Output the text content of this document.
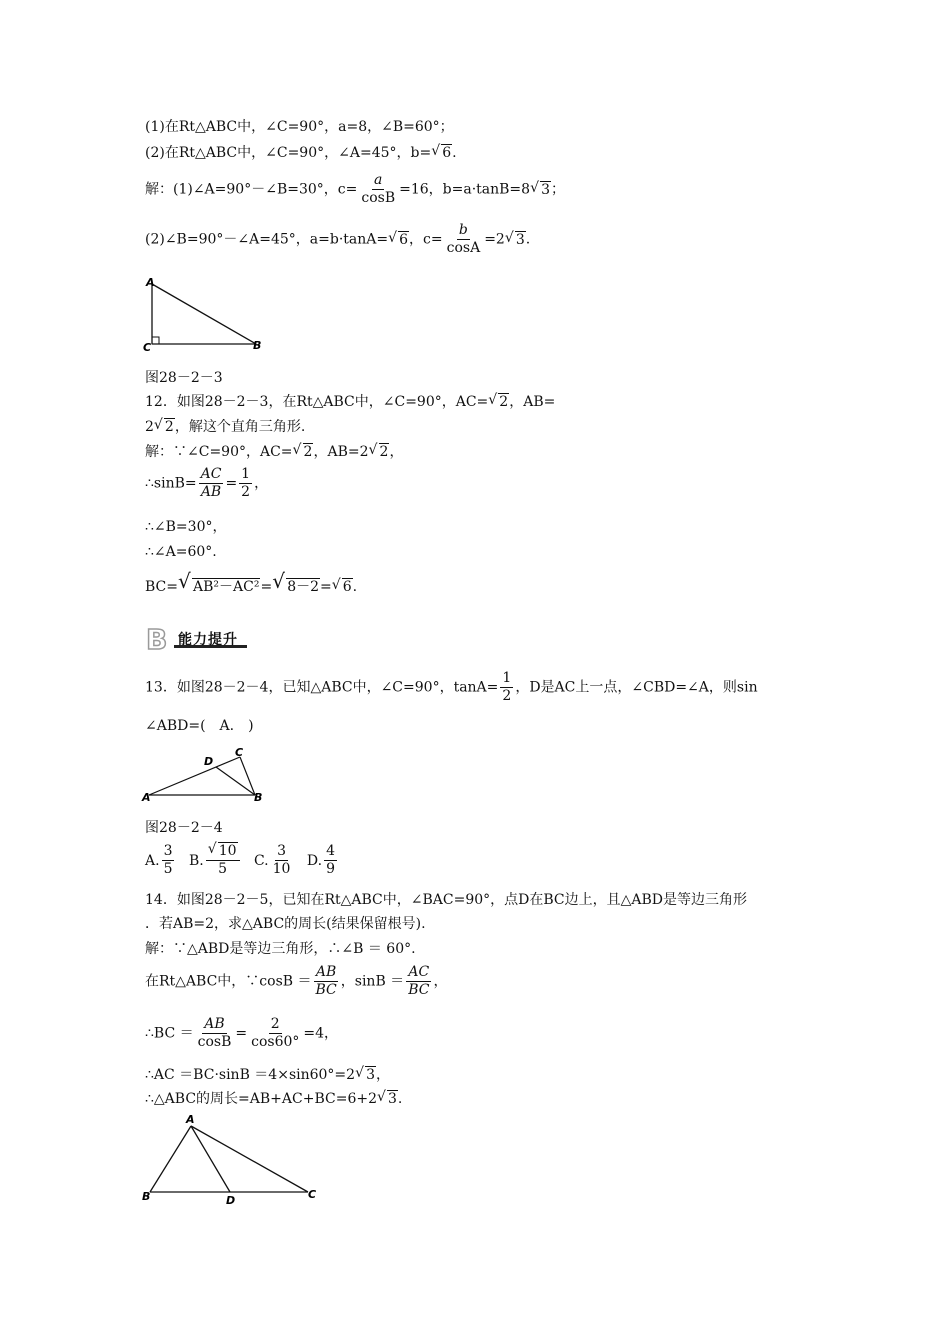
(1)在Rt△ABC中，∠C=90°，a=8，∠B=60°；
(2)在Rt△ABC中，∠C=90°，∠A=45°，b= √ 6.
解：(1)∠A=90°－∠B=30°，$c= \frac{a}{\cos B} =16$，b=a·tanB=8 √ 3；
(2)∠B=90°－∠A=45°，a=b·tanA= √ 6，$c= \frac{b}{\cos A} =2$ √ 3.
A
C	B
图28－2－3
12．如图28－2－3，在Rt△ABC中，∠C=90°，AC= √ 2，AB=
2 √ 2，解这个直角三角形.
解：∵∠C=90°，AC= √ 2，AB=2 √ 2，
∴sinB= $\frac{AC}{AB} = \frac{1}{2}$ ，
∴∠B=30°，
∴∠A=60°.
BC= √ AB²－AC²= √ 8－2= √ 6.
B 能力提升
13．如图28－2－4，已知△ABC中，∠C=90°，$\tan A= \frac{1}{2}$ ，D是AC上一点，∠CBD=∠A，则sin
∠ABD=(　A.　)
A	B
C
D
图28－2－4
A. $\frac{3}{5}$
B. $\frac{√ 10}{5}$
C. $\frac{3}{10}$
D. $\frac{4}{9}$
14．如图28－2－5，已知在Rt△ABC中，∠BAC=90°，点D在BC边上，且△ABD是等边三角形
．若AB=2，求△ABC的周长(结果保留根号).
解：∵△ABD是等边三角形，∴∠B ＝ 60°.
在Rt△ABC中，∵cosB ＝ $\frac{AB}{BC}$ ，$\sin B = \frac{AC}{BC}$ ，
∴BC ＝ $\frac{AB}{\cos B} = \frac{2}{\cos 60^\circ} =4$，
∴AC ＝BC·sinB ＝4×sin60°=2 √ 3，
∴△ABC的周长=AB+AC+BC=6+2 √ 3.
A
B	D	C
